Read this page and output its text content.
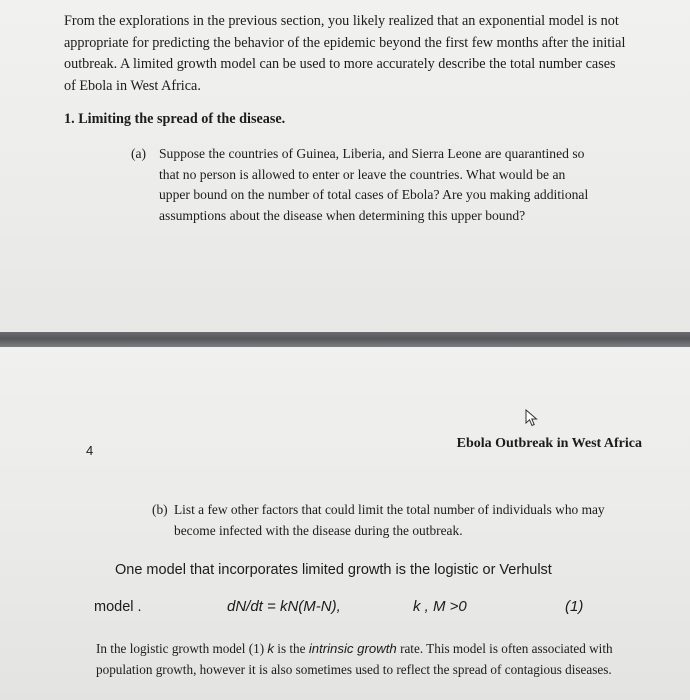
From the explorations in the previous section, you likely realized that an exponential model is not
appropriate for predicting the behavior of the epidemic beyond the first few months after the initial
outbreak. A limited growth model can be used to more accurately describe the total number cases
of Ebola in West Africa.
1. Limiting the spread of the disease.
(a) Suppose the countries of Guinea, Liberia, and Sierra Leone are quarantined so
that no person is allowed to enter or leave the countries. What would be an
upper bound on the number of total cases of Ebola? Are you making additional
assumptions about the disease when determining this upper bound?
4	Ebola Outbreak in West Africa
(b) List a few other factors that could limit the total number of individuals who may
become infected with the disease during the outbreak.
One model that incorporates limited growth is the logistic or Verhulst
model .	dN/dt = kN(M-N),	k , M >0	(1)
In the logistic growth model (1) k is the intrinsic growth rate. This model is often associated with
population growth, however it is also sometimes used to reflect the spread of contagious diseases.
